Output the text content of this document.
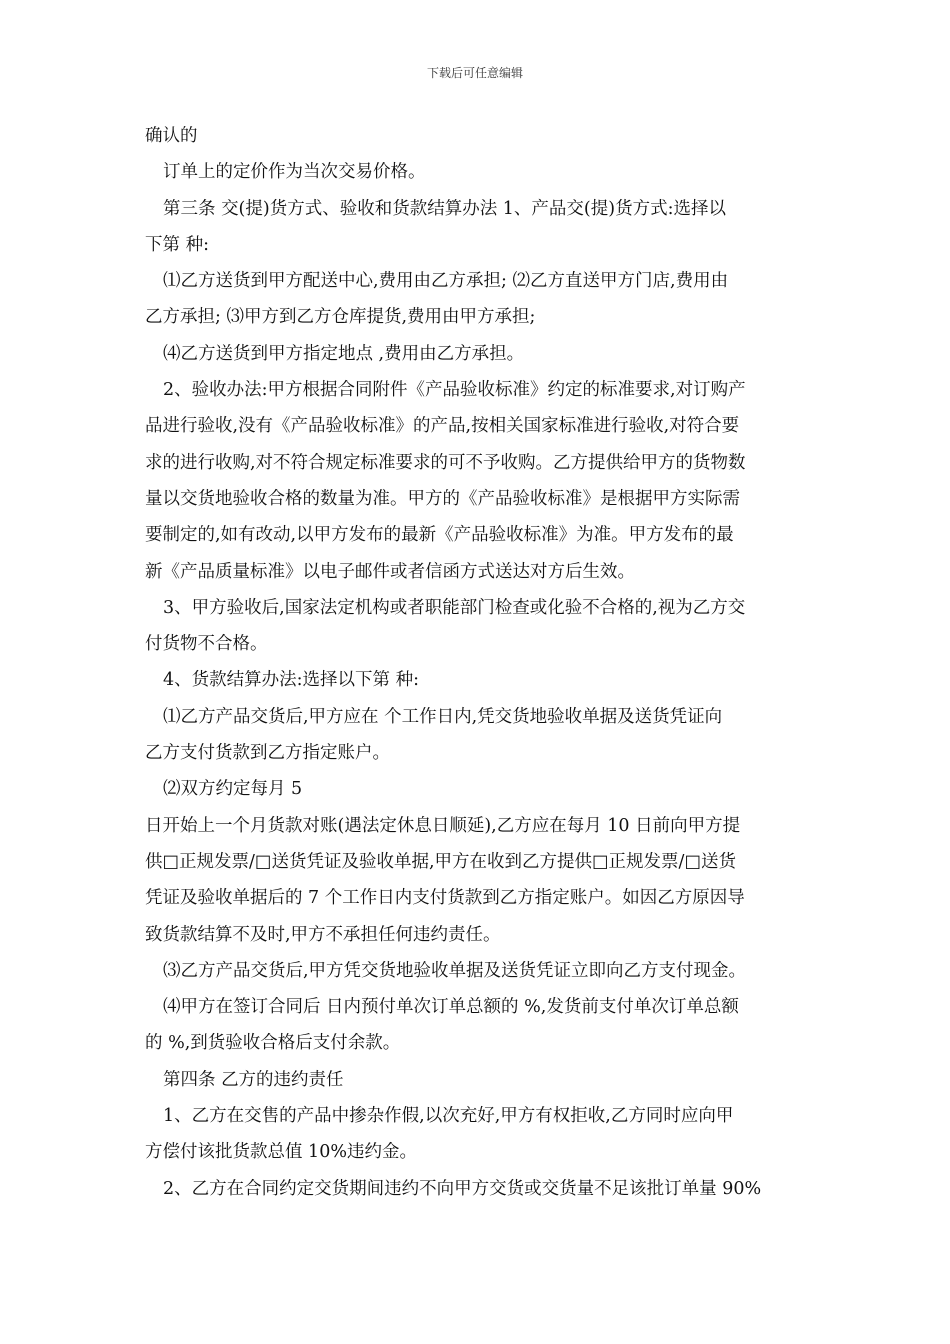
下载后可任意编辑
确认的
订单上的定价作为当次交易价格。
第三条 交(提)货方式、验收和货款结算办法 1、产品交(提)货方式:选择以
下第 种:
⑴乙方送货到甲方配送中心,费用由乙方承担; ⑵乙方直送甲方门店,费用由
乙方承担; ⑶甲方到乙方仓库提货,费用由甲方承担;
⑷乙方送货到甲方指定地点 ,费用由乙方承担。
2、验收办法:甲方根据合同附件《产品验收标准》约定的标准要求,对订购产
品进行验收,没有《产品验收标准》的产品,按相关国家标准进行验收,对符合要
求的进行收购,对不符合规定标准要求的可不予收购。乙方提供给甲方的货物数
量以交货地验收合格的数量为准。甲方的《产品验收标准》是根据甲方实际需
要制定的,如有改动,以甲方发布的最新《产品验收标准》为准。甲方发布的最
新《产品质量标准》以电子邮件或者信函方式送达对方后生效。
3、甲方验收后,国家法定机构或者职能部门检查或化验不合格的,视为乙方交
付货物不合格。
4、货款结算办法:选择以下第 种:
⑴乙方产品交货后,甲方应在 个工作日内,凭交货地验收单据及送货凭证向
乙方支付货款到乙方指定账户。
⑵双方约定每月 5
日开始上一个月货款对账(遇法定休息日顺延),乙方应在每月 10 日前向甲方提
供□正规发票/□送货凭证及验收单据,甲方在收到乙方提供□正规发票/□送货
凭证及验收单据后的 7 个工作日内支付货款到乙方指定账户。如因乙方原因导
致货款结算不及时,甲方不承担任何违约责任。
⑶乙方产品交货后,甲方凭交货地验收单据及送货凭证立即向乙方支付现金。
⑷甲方在签订合同后 日内预付单次订单总额的 %,发货前支付单次订单总额
的 %,到货验收合格后支付余款。
第四条 乙方的违约责任
1、乙方在交售的产品中掺杂作假,以次充好,甲方有权拒收,乙方同时应向甲
方偿付该批货款总值 10%违约金。
2、乙方在合同约定交货期间违约不向甲方交货或交货量不足该批订单量 90%
